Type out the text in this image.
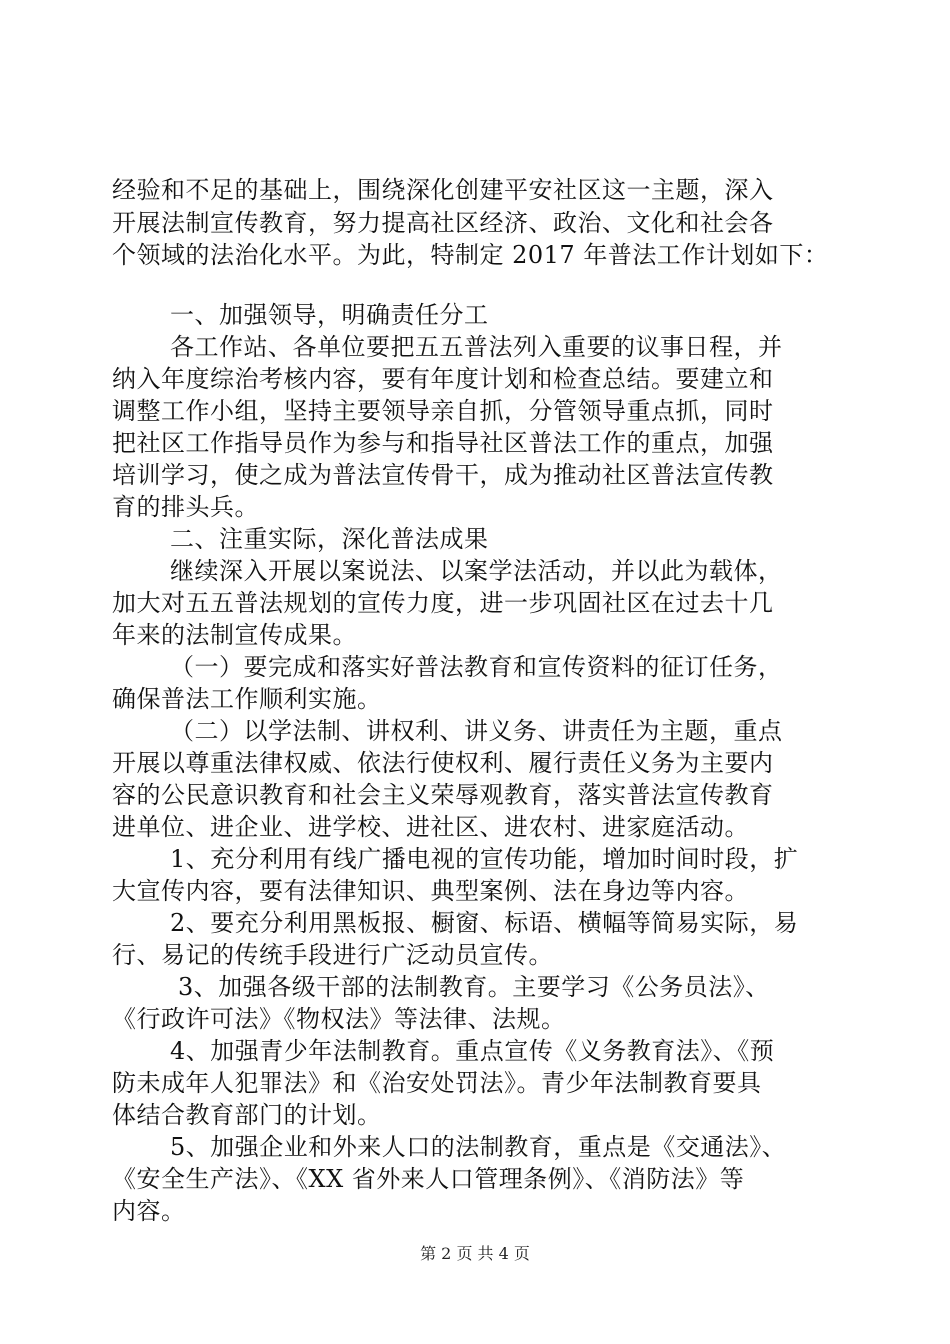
经验和不足的基础上，围绕深化创建平安社区这一主题，深入
开展法制宣传教育，努力提高社区经济、政治、文化和社会各
个领域的法治化水平。为此，特制定 2017 年普法工作计划如下：
一、加强领导，明确责任分工
各工作站、各单位要把五五普法列入重要的议事日程，并
纳入年度综治考核内容，要有年度计划和检查总结。要建立和
调整工作小组，坚持主要领导亲自抓，分管领导重点抓，同时
把社区工作指导员作为参与和指导社区普法工作的重点，加强
培训学习，使之成为普法宣传骨干，成为推动社区普法宣传教
育的排头兵。
二、注重实际，深化普法成果
继续深入开展以案说法、以案学法活动，并以此为载体，
加大对五五普法规划的宣传力度，进一步巩固社区在过去十几
年来的法制宣传成果。
（一）要完成和落实好普法教育和宣传资料的征订任务，
确保普法工作顺利实施。
（二）以学法制、讲权利、讲义务、讲责任为主题，重点
开展以尊重法律权威、依法行使权利、履行责任义务为主要内
容的公民意识教育和社会主义荣辱观教育，落实普法宣传教育
进单位、进企业、进学校、进社区、进农村、进家庭活动。
1、充分利用有线广播电视的宣传功能，增加时间时段，扩
大宣传内容，要有法律知识、典型案例、法在身边等内容。
2、要充分利用黑板报、橱窗、标语、横幅等简易实际，易
行、易记的传统手段进行广泛动员宣传。
3、加强各级干部的法制教育。主要学习《公务员法》、
《行政许可法》《物权法》等法律、法规。
4、加强青少年法制教育。重点宣传《义务教育法》、《预
防未成年人犯罪法》和《治安处罚法》。青少年法制教育要具
体结合教育部门的计划。
5、加强企业和外来人口的法制教育，重点是《交通法》、
《安全生产法》、《XX 省外来人口管理条例》、《消防法》等
内容。
第 2 页 共 4 页
